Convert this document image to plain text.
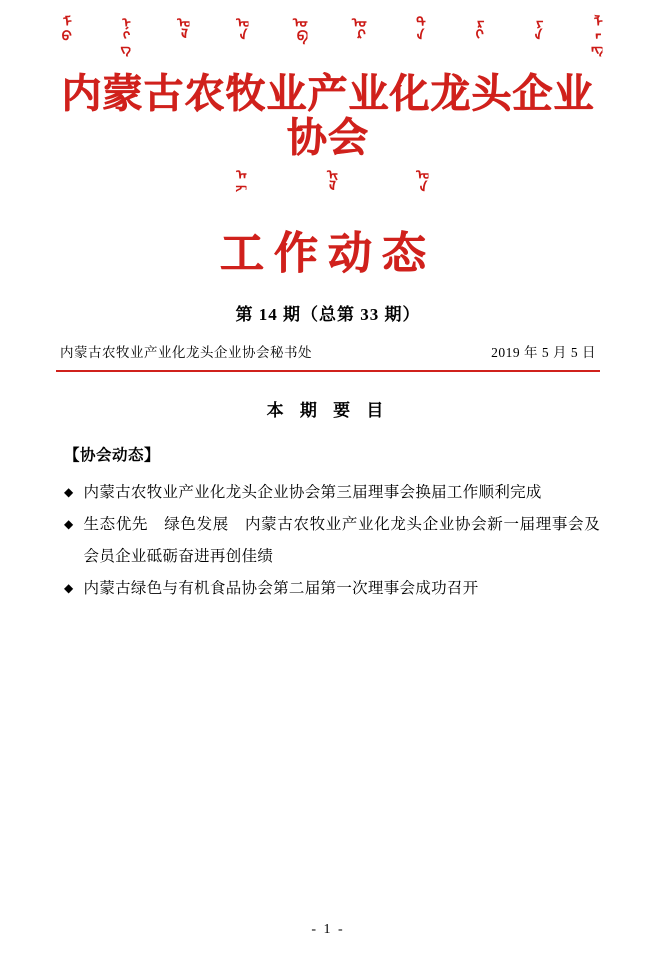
ᠮᠣ	ᠨᠭᠭ	ᠣᠯ	ᠣᠨ	ᠦᠪ	ᠦᠷ	ᠲᠠ	ᠷᠢ	ᠶᠠ	ᠯᠠᠩ
内蒙古农牧业产业化龙头企业协会
ᠠᠵ	ᠢᠯ	ᠤᠨ
工作动态
第 14 期（总第 33 期）
内蒙古农牧业产业化龙头企业协会秘书处	2019 年 5 月 5 日
本 期 要 目
【协会动态】
◆ 内蒙古农牧业产业化龙头企业协会第三届理事会换届工作顺利完成
◆ 生态优先　绿色发展　内蒙古农牧业产业化龙头企业协会新一届理事会及会员企业砥砺奋进再创佳绩
◆ 内蒙古绿色与有机食品协会第二届第一次理事会成功召开
- 1 -
